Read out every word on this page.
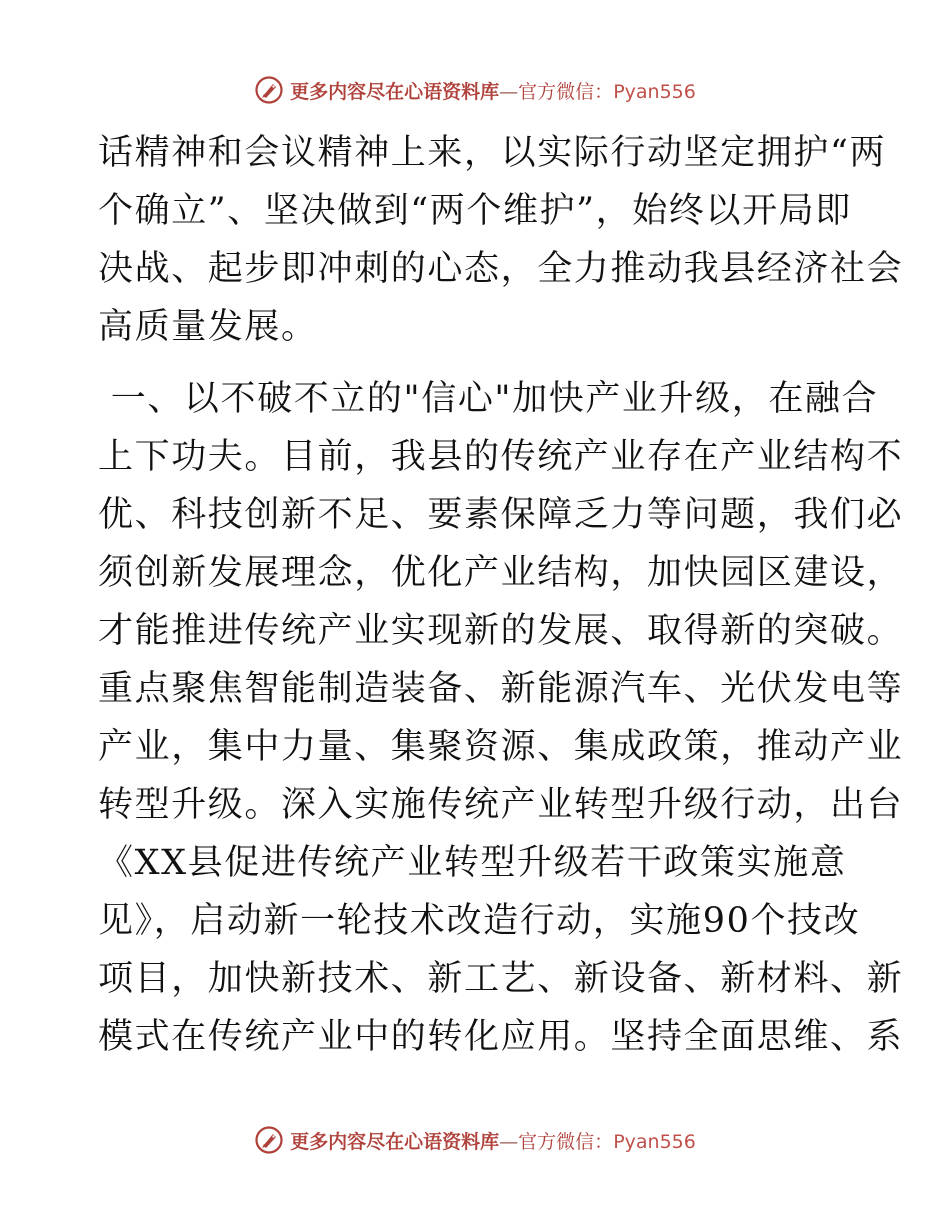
更多内容尽在心语资料库—官方微信：Pyan556
话精神和会议精神上来，以实际行动坚定拥护“两
个确立”、坚决做到“两个维护”，始终以开局即
决战、起步即冲刺的心态，全力推动我县经济社会
高质量发展。
一、以不破不立的"信心"加快产业升级，在融合
上下功夫。目前，我县的传统产业存在产业结构不
优、科技创新不足、要素保障乏力等问题，我们必
须创新发展理念，优化产业结构，加快园区建设，
才能推进传统产业实现新的发展、取得新的突破。
重点聚焦智能制造装备、新能源汽车、光伏发电等
产业，集中力量、集聚资源、集成政策，推动产业
转型升级。深入实施传统产业转型升级行动，出台
《XX县促进传统产业转型升级若干政策实施意
见》，启动新一轮技术改造行动，实施90个技改
项目，加快新技术、新工艺、新设备、新材料、新
模式在传统产业中的转化应用。坚持全面思维、系
更多内容尽在心语资料库—官方微信：Pyan556
